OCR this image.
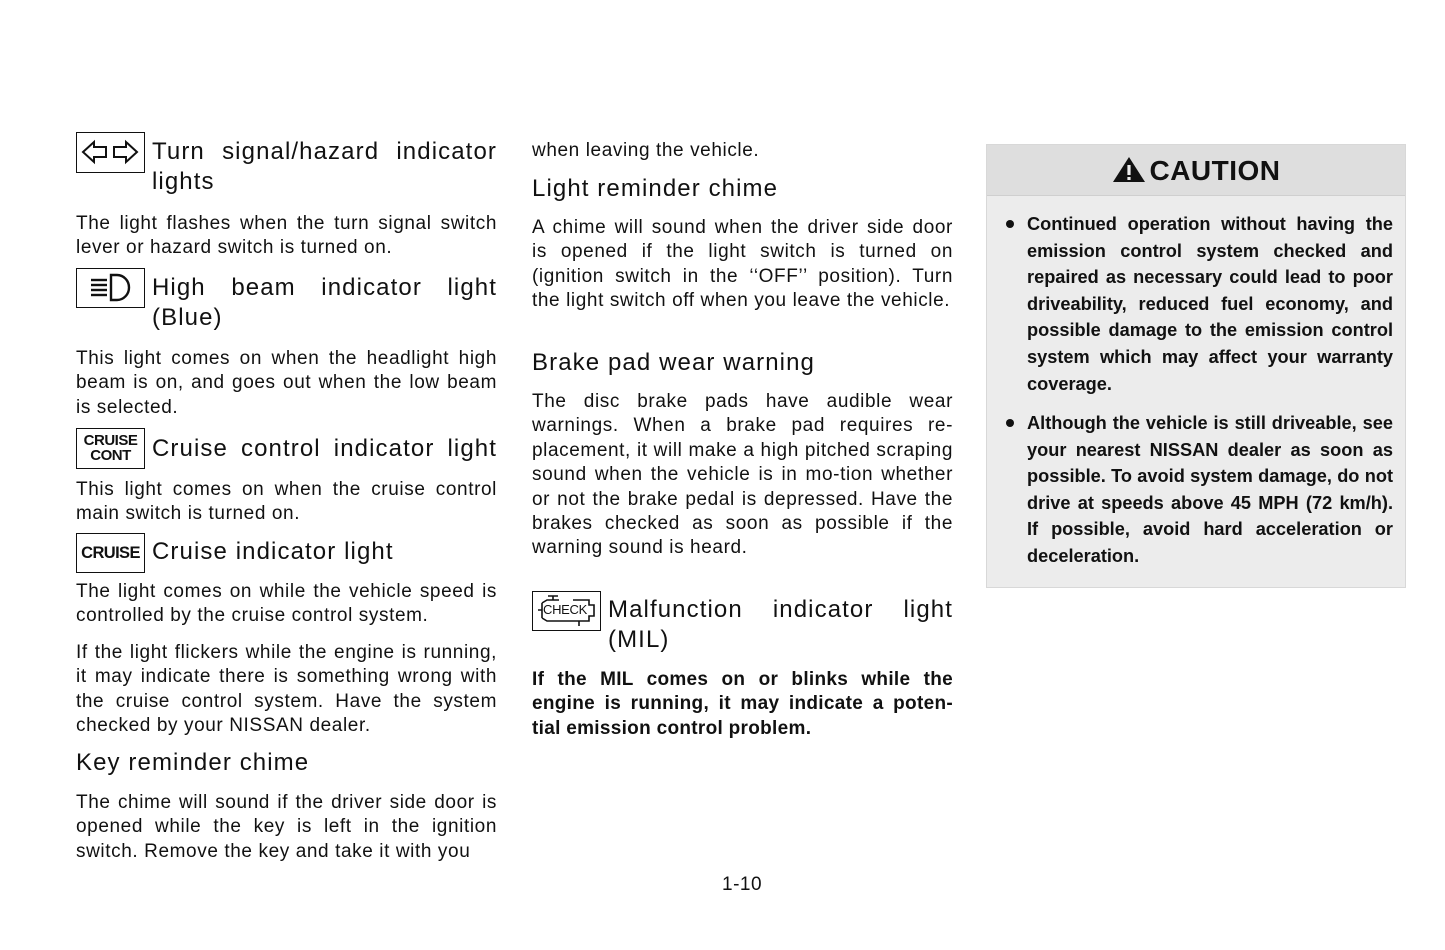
Turn signal/hazard indicator

lights

The light flashes when the turn signal switch lever or hazard switch is turned on.

High beam indicator light

(Blue)

This light comes on when the headlight high beam is on, and goes out when the low beam is selected.

CRUISE
CONT Cruise control indicator light

This light comes on when the cruise control main switch is turned on.

CRUISE Cruise indicator light

The light comes on while the vehicle speed is controlled by the cruise control system.

If the light flickers while the engine is running, it may indicate there is something wrong with the cruise control system. Have the system checked by your NISSAN dealer.

Key reminder chime

The chime will sound if the driver side door is opened while the key is left in the ignition switch. Remove the key and take it with you

when leaving the vehicle.

Light reminder chime

A chime will sound when the driver side door is opened if the light switch is turned on (ignition switch in the ‘‘OFF’’ position). Turn the light switch off when you leave the vehicle.

Brake pad wear warning

The disc brake pads have audible wear warnings. When a brake pad requires re-placement, it will make a high pitched scraping sound when the vehicle is in mo-tion whether or not the brake pedal is depressed. Have the brakes checked as soon as possible if the warning sound is heard.

CHECK Malfunction indicator light

(MIL)

If the MIL comes on or blinks while the engine is running, it may indicate a poten-tial emission control problem.

CAUTION
Continued operation without having the emission control system checked and repaired as necessary could lead to poor driveability, reduced fuel economy, and possible damage to the emission control system which may affect your warranty coverage.
Although the vehicle is still driveable, see your nearest NISSAN dealer as soon as possible. To avoid system damage, do not drive at speeds above 45 MPH (72 km/h). If possible, avoid hard acceleration or deceleration.
1-10
